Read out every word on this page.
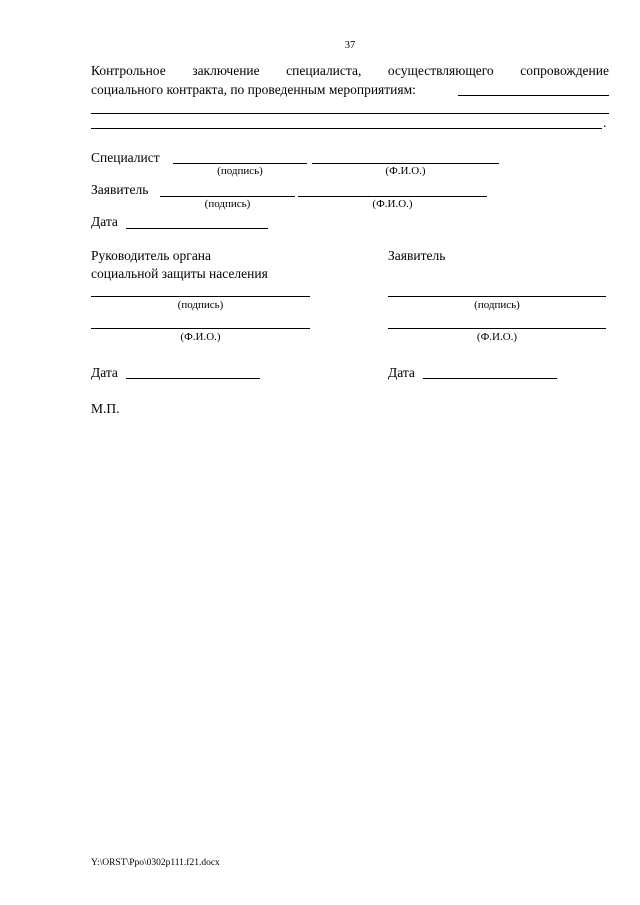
37
Контрольное заключение специалиста, осуществляющего сопровождение
социального контракта, по проведенным мероприятиям:
.
Специалист
(подпись)	(Ф.И.О.)
Заявитель
(подпись)	(Ф.И.О.)
Дата
Руководитель органа
социальной защиты населения
(подпись)
(Ф.И.О.)
Дата
Заявитель
(подпись)
(Ф.И.О.)
Дата
М.П.
Y:\ORST\Ppo\0302p111.f21.docx
